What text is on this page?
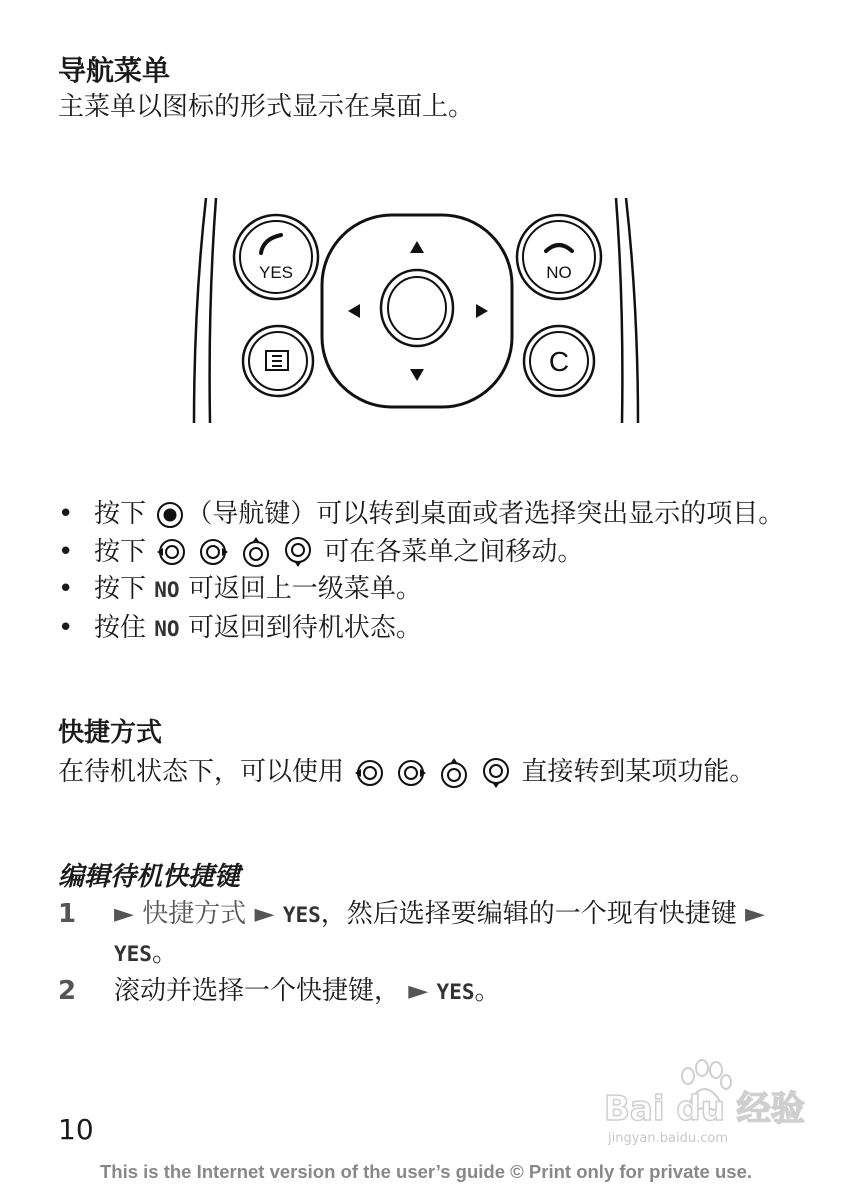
导航菜单
主菜单以图标的形式显示在桌面上。
YES	NO
C
• 按下 （导航键）可以转到桌面或者选择突出显示的项目。
• 按下

	可在各菜单之间移动。
• 按下 NO 可返回上一级菜单。
• 按住 NO 可返回到待机状态。
快捷方式
在待机状态下，可以使用

	直接转到某项功能。
编辑待机快捷键
1 ► 快捷方式 ► YES，然后选择要编辑的一个现有快捷键 ► YES。
2 滚动并选择一个快捷键， ► YES。
Bai du 经验
jingyan.baidu.com
10
This is the Internet version of the user’s guide © Print only for private use.
